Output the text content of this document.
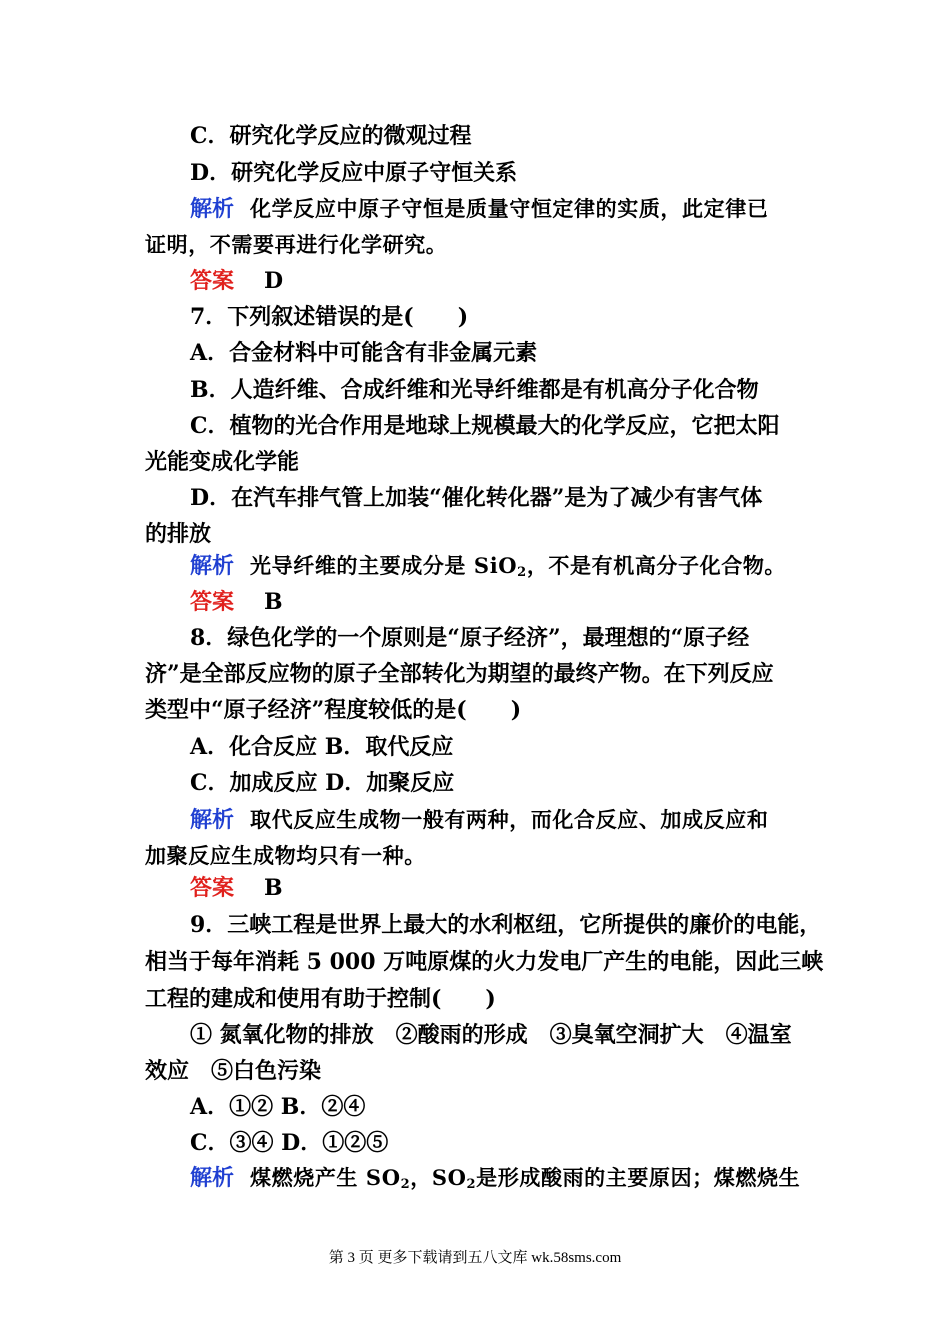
C．研究化学反应的微观过程
D．研究化学反应中原子守恒关系
解析 化学反应中原子守恒是质量守恒定律的实质，此定律已
证明，不需要再进行化学研究。
答案 D
7．下列叙述错误的是(　　)
A．合金材料中可能含有非金属元素
B．人造纤维、合成纤维和光导纤维都是有机高分子化合物
C．植物的光合作用是地球上规模最大的化学反应，它把太阳
光能变成化学能
D．在汽车排气管上加装“催化转化器”是为了减少有害气体
的排放
解析 光导纤维的主要成分是 SiO$_2$，不是有机高分子化合物。
答案 B
8．绿色化学的一个原则是“原子经济”，最理想的“原子经
济”是全部反应物的原子全部转化为期望的最终产物。在下列反应
类型中“原子经济”程度较低的是(　　)
A．化合反应 B．取代反应
C．加成反应 D．加聚反应
解析 取代反应生成物一般有两种，而化合反应、加成反应和
加聚反应生成物均只有一种。
答案 B
9．三峡工程是世界上最大的水利枢纽，它所提供的廉价的电能，
相当于每年消耗 5 000 万吨原煤的火力发电厂产生的电能，因此三峡
工程的建成和使用有助于控制(　　)
① 氮氧化物的排放　②酸雨的形成　③臭氧空洞扩大　④温室
效应　⑤白色污染
A．①② B．②④
C．③④ D．①②⑤
解析 煤燃烧产生 $SO_2$，$SO_2$是形成酸雨的主要原因；煤燃烧生
第 3 页 更多下载请到五八文库 wk.58sms.com
